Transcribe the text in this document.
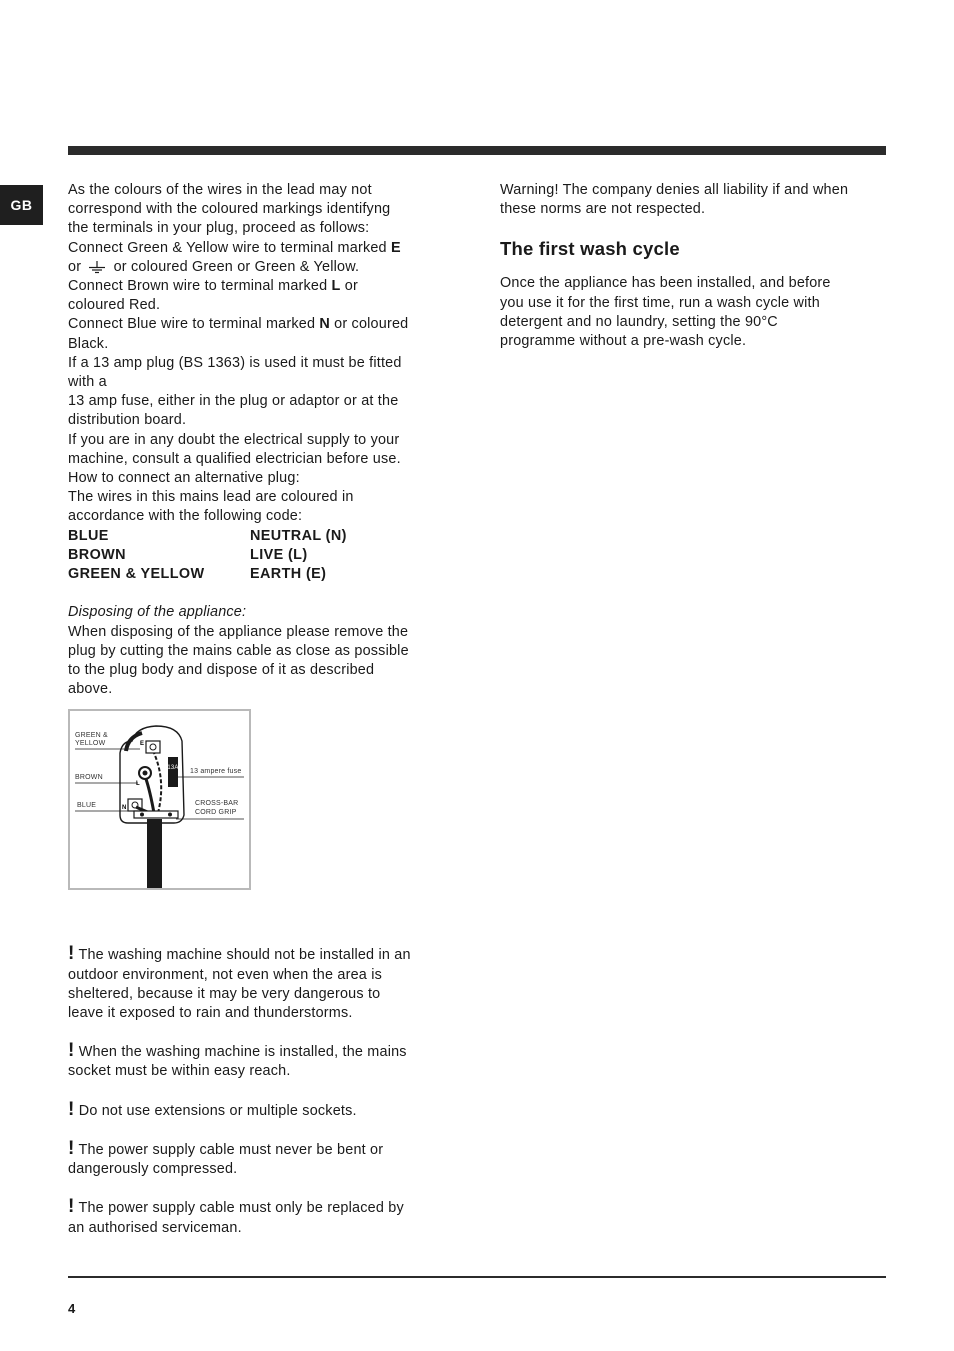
GB

As the colours of the wires in the lead may not

correspond with the coloured markings identifyng

the terminals in your plug, proceed as follows:

Connect Green & Yellow wire to terminal marked E

or  or coloured Green or Green & Yellow.

Connect Brown wire to terminal marked L or

coloured Red.

Connect Blue wire to terminal marked N or coloured

Black.

If a 13 amp plug (BS 1363) is used it must be fitted

with a

13 amp fuse, either in the plug or adaptor or at the

distribution board.

If you are in any doubt the electrical supply to your

machine, consult a qualified electrician before use.

How to connect an alternative plug:

The wires in this mains lead are coloured in

accordance with the following code:

BLUE	NEUTRAL (N)
BROWN	LIVE (L)
GREEN & YELLOW	EARTH (E)

Disposing of the appliance:

When disposing of the appliance please remove the

plug by cutting the mains cable as close as possible

to the plug body and dispose of it as described

above.

13A
E
L
N
GREEN &
YELLOW
BROWN
BLUE
13 ampere fuse
CROSS-BAR
CORD GRIP

! The washing machine should not be installed in an

outdoor environment, not even when the area is

sheltered, because it may be very dangerous to

leave it exposed to rain and thunderstorms.

! When the washing machine is installed, the mains

socket must be within easy reach.

! Do not use extensions or multiple sockets.

! The power supply cable must never be bent or

dangerously compressed.

! The power supply cable must only be replaced by

an authorised serviceman.

Warning! The company denies all liability if and when

these norms are not respected.

The first wash cycle

Once the appliance has been installed, and before

you use it for the first time, run a wash cycle with

detergent and no laundry, setting the 90°C

programme without a pre-wash cycle.

4
